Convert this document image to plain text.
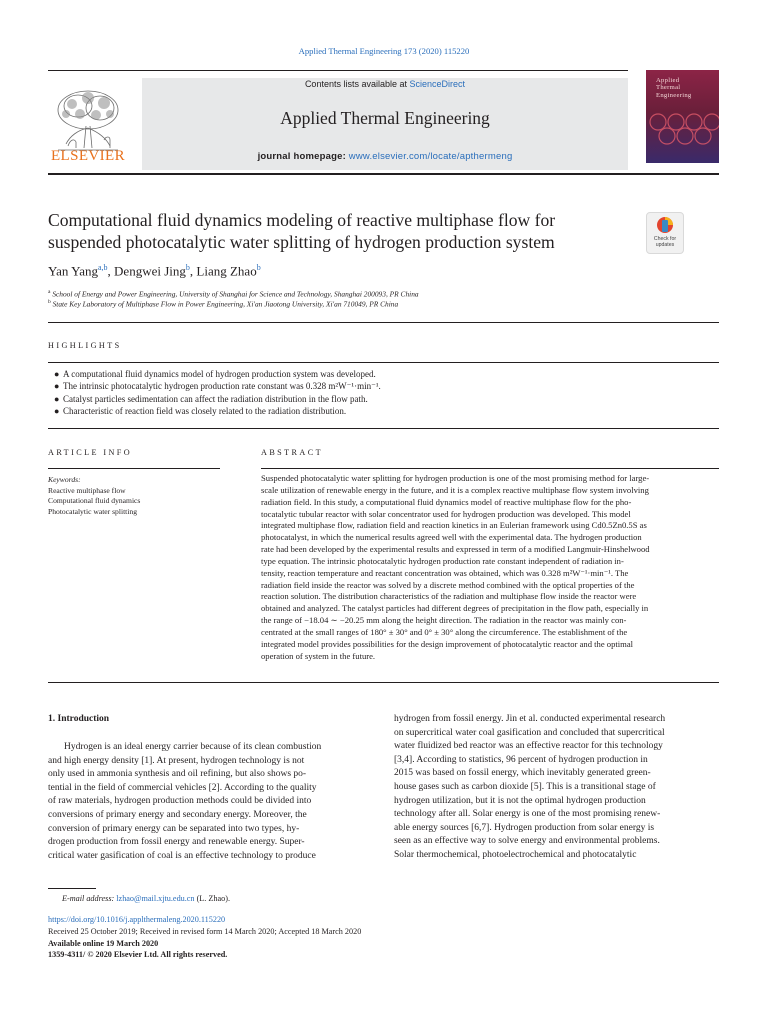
Applied Thermal Engineering 173 (2020) 115220
Contents lists available at ScienceDirect
Applied Thermal Engineering
journal homepage: www.elsevier.com/locate/apthermeng
ELSEVIER
Applied
Thermal
Engineering
Computational fluid dynamics modeling of reactive multiphase flow for
suspended photocatalytic water splitting of hydrogen production system	Check for updates
Yan Yang$^{a,b}$, Dengwei Jing$^b$, Liang Zhao$^b$
$^a$ School of Energy and Power Engineering, University of Shanghai for Science and Technology, Shanghai 200093, PR China
$^b$ State Key Laboratory of Multiphase Flow in Power Engineering, Xi'an Jiaotong University, Xi'an 710049, PR China
HIGHLIGHTS
● A computational fluid dynamics model of hydrogen production system was developed.
● The intrinsic photocatalytic hydrogen production rate constant was 0.328 m²W⁻¹·min⁻¹.
● Catalyst particles sedimentation can affect the radiation distribution in the flow path.
● Characteristic of reaction field was closely related to the radiation distribution.
ARTICLE INFO
Keywords:
Reactive multiphase flow
Computational fluid dynamics
Photocatalytic water splitting
ABSTRACT
Suspended photocatalytic water splitting for hydrogen production is one of the most promising method for large-
scale utilization of renewable energy in the future, and it is a complex reactive multiphase flow system involving
radiation field. In this study, a computational fluid dynamics model of reactive multiphase flow for the pho-
tocatalytic tubular reactor with solar concentrator used for hydrogen production was developed. This model
integrated multiphase flow, radiation field and reaction kinetics in an Eulerian framework using Cd0.5Zn0.5S as
photocatalyst, in which the numerical results agreed well with the experimental data. The hydrogen production
rate had been developed by the experimental results and expressed in term of a modified Langmuir-Hinshelwood
type equation. The intrinsic photocatalytic hydrogen production rate constant independent of radiation in-
tensity, reaction temperature and reactant concentration was obtained, which was 0.328 m²W⁻¹·min⁻¹. The
radiation field inside the reactor was solved by a discrete method combined with the optical properties of the
reaction solution. The distribution characteristics of the radiation and multiphase flow inside the reactor were
obtained and analyzed. The catalyst particles had different degrees of precipitation in the flow path, especially in
the range of −18.04 ∼ −20.25 mm along the height direction. The radiation in the reactor was mainly con-
centrated at the small ranges of 180° ± 30° and 0° ± 30° along the circumference. The establishment of the
integrated model provides possibilities for the design improvement of photocatalytic reactor and the optimal
operation of system in the future.
1. Introduction
Hydrogen is an ideal energy carrier because of its clean combustion
and high energy density [1]. At present, hydrogen technology is not
only used in ammonia synthesis and oil refining, but also shows po-
tential in the field of commercial vehicles [2]. According to the quality
of raw materials, hydrogen production methods could be divided into
conversions of primary energy and secondary energy. Moreover, the
conversion of primary energy can be separated into two types, hy-
drogen production from fossil energy and renewable energy. Super-
critical water gasification of coal is an effective technology to produce
hydrogen from fossil energy. Jin et al. conducted experimental research
on supercritical water coal gasification and concluded that supercritical
water fluidized bed reactor was an effective reactor for this technology
[3,4]. According to statistics, 96 percent of hydrogen production in
2015 was based on fossil energy, which inevitably generated green-
house gases such as carbon dioxide [5]. This is a transitional stage of
hydrogen utilization, but it is not the optimal hydrogen production
technology after all. Solar energy is one of the most promising renew-
able energy sources [6,7]. Hydrogen production from solar energy is
seen as an effective way to solve energy and environmental problems.
Solar thermochemical, photoelectrochemical and photocatalytic
E-mail address: lzhao@mail.xjtu.edu.cn (L. Zhao).
https://doi.org/10.1016/j.applthermaleng.2020.115220
Received 25 October 2019; Received in revised form 14 March 2020; Accepted 18 March 2020
Available online 19 March 2020
1359-4311/ © 2020 Elsevier Ltd. All rights reserved.
